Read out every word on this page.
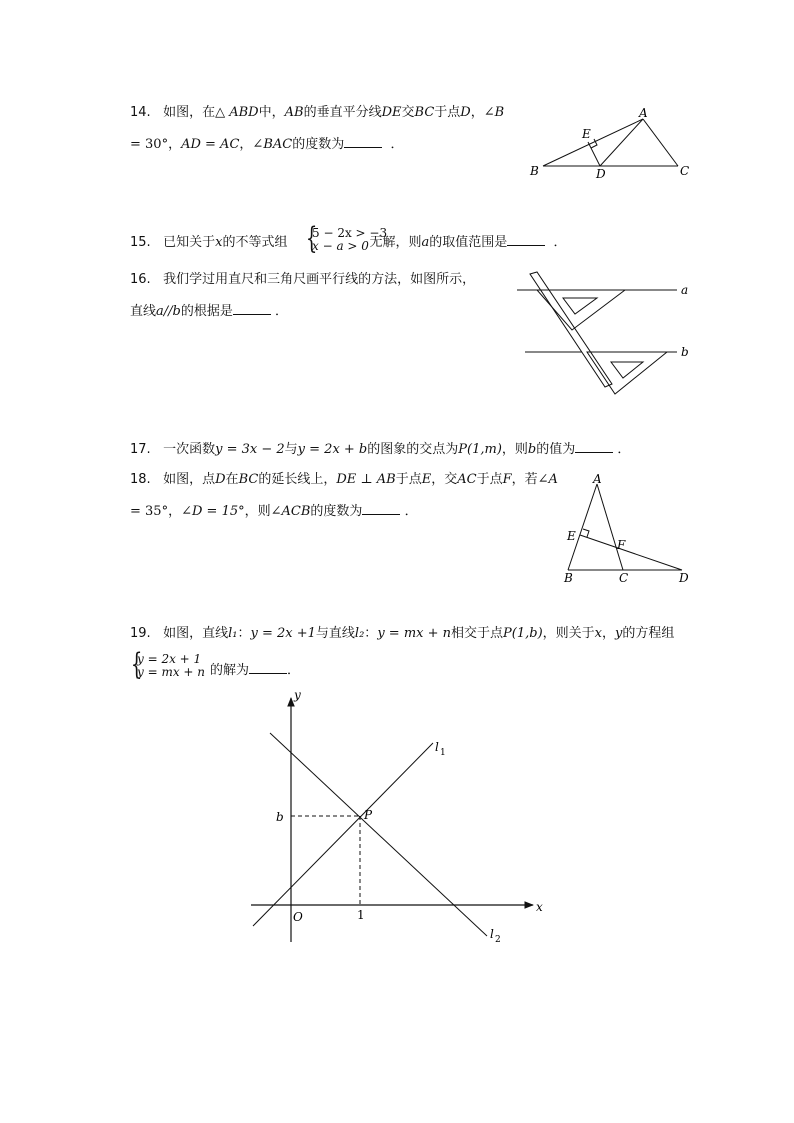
14. 如图，在△ ABD中，AB的垂直平分线DE交BC于点D，∠B
= 30°，AD = AC，∠BAC的度数为	．
A
B	C
D
E
15. 已知关于x的不等式组	无解，则a的取值范围是	．
{
5 − 2x > −3
x − a > 0
16. 我们学过用直尺和三角尺画平行线的方法，如图所示，
直线a//b的根据是	．
a
b
17. 一次函数y = 3x − 2与y = 2x + b的图象的交点为P(1,m)，则b的值为	．
18. 如图，点D在BC的延长线上，DE ⊥ AB于点E，交AC于点F，若∠A
= 35°，∠D = 15°，则∠ACB的度数为	．
A
B	C	D
E
F
19. 如图，直线l₁：y = 2x +1与直线l₂：y = mx + n相交于点P(1,b)，则关于x，y的方程组
{
y = 2x + 1
y = mx + n 的解为	．
y
x
O
b
1
P
l 1
l 2
